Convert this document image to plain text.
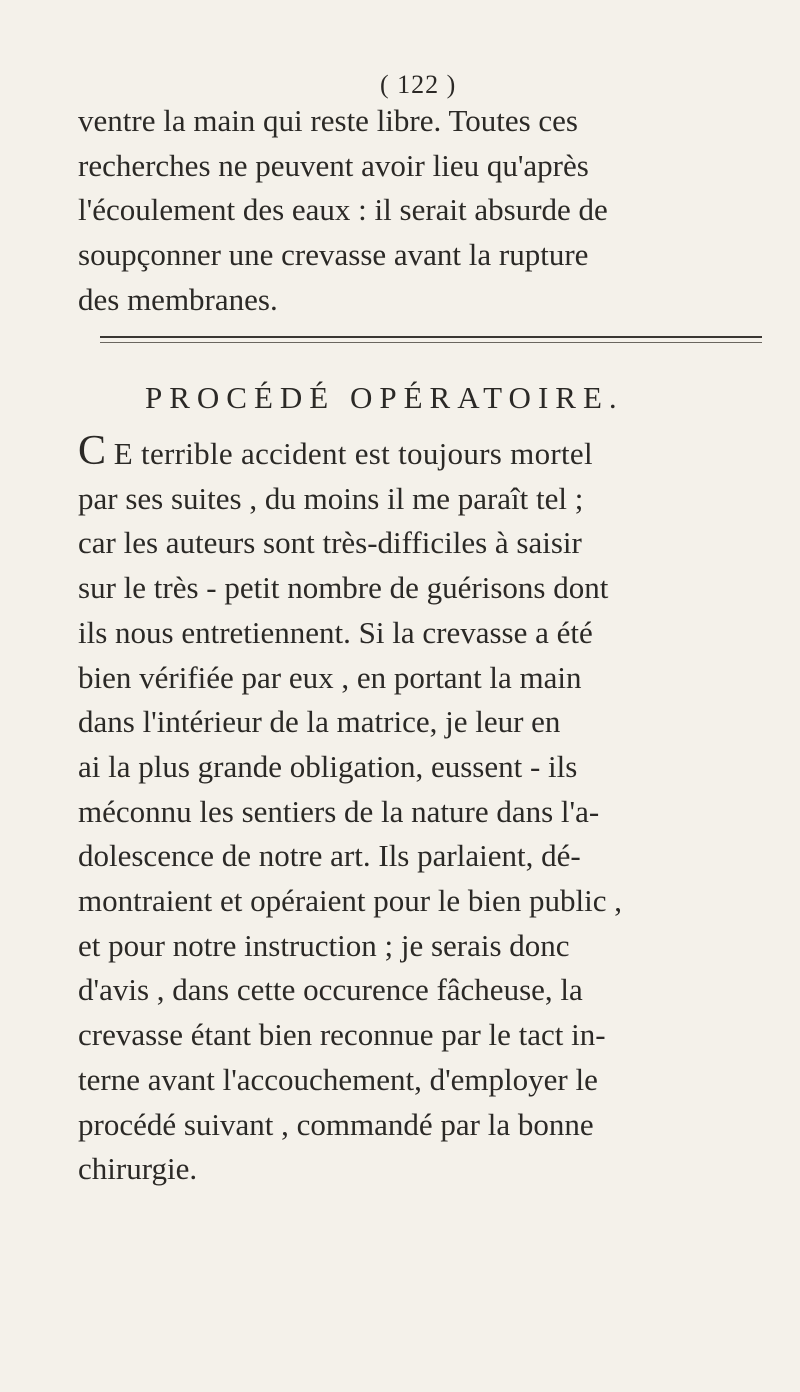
( 122 )
ventre la main qui reste libre. Toutes ces
recherches ne peuvent avoir lieu qu'après
l'écoulement des eaux : il serait absurde de
soupçonner une crevasse avant la rupture
des membranes.
PROCÉDÉ OPÉRATOIRE.
C E terrible accident est toujours mortel
par ses suites , du moins il me paraît tel ;
car les auteurs sont très-difficiles à saisir
sur le très - petit nombre de guérisons dont
ils nous entretiennent. Si la crevasse a été
bien vérifiée par eux , en portant la main
dans l'intérieur de la matrice, je leur en
ai la plus grande obligation, eussent - ils
méconnu les sentiers de la nature dans l'a-
dolescence de notre art. Ils parlaient, dé-
montraient et opéraient pour le bien public ,
et pour notre instruction ; je serais donc
d'avis , dans cette occurence fâcheuse, la
crevasse étant bien reconnue par le tact in-
terne avant l'accouchement, d'employer le
procédé suivant , commandé par la bonne
chirurgie.
